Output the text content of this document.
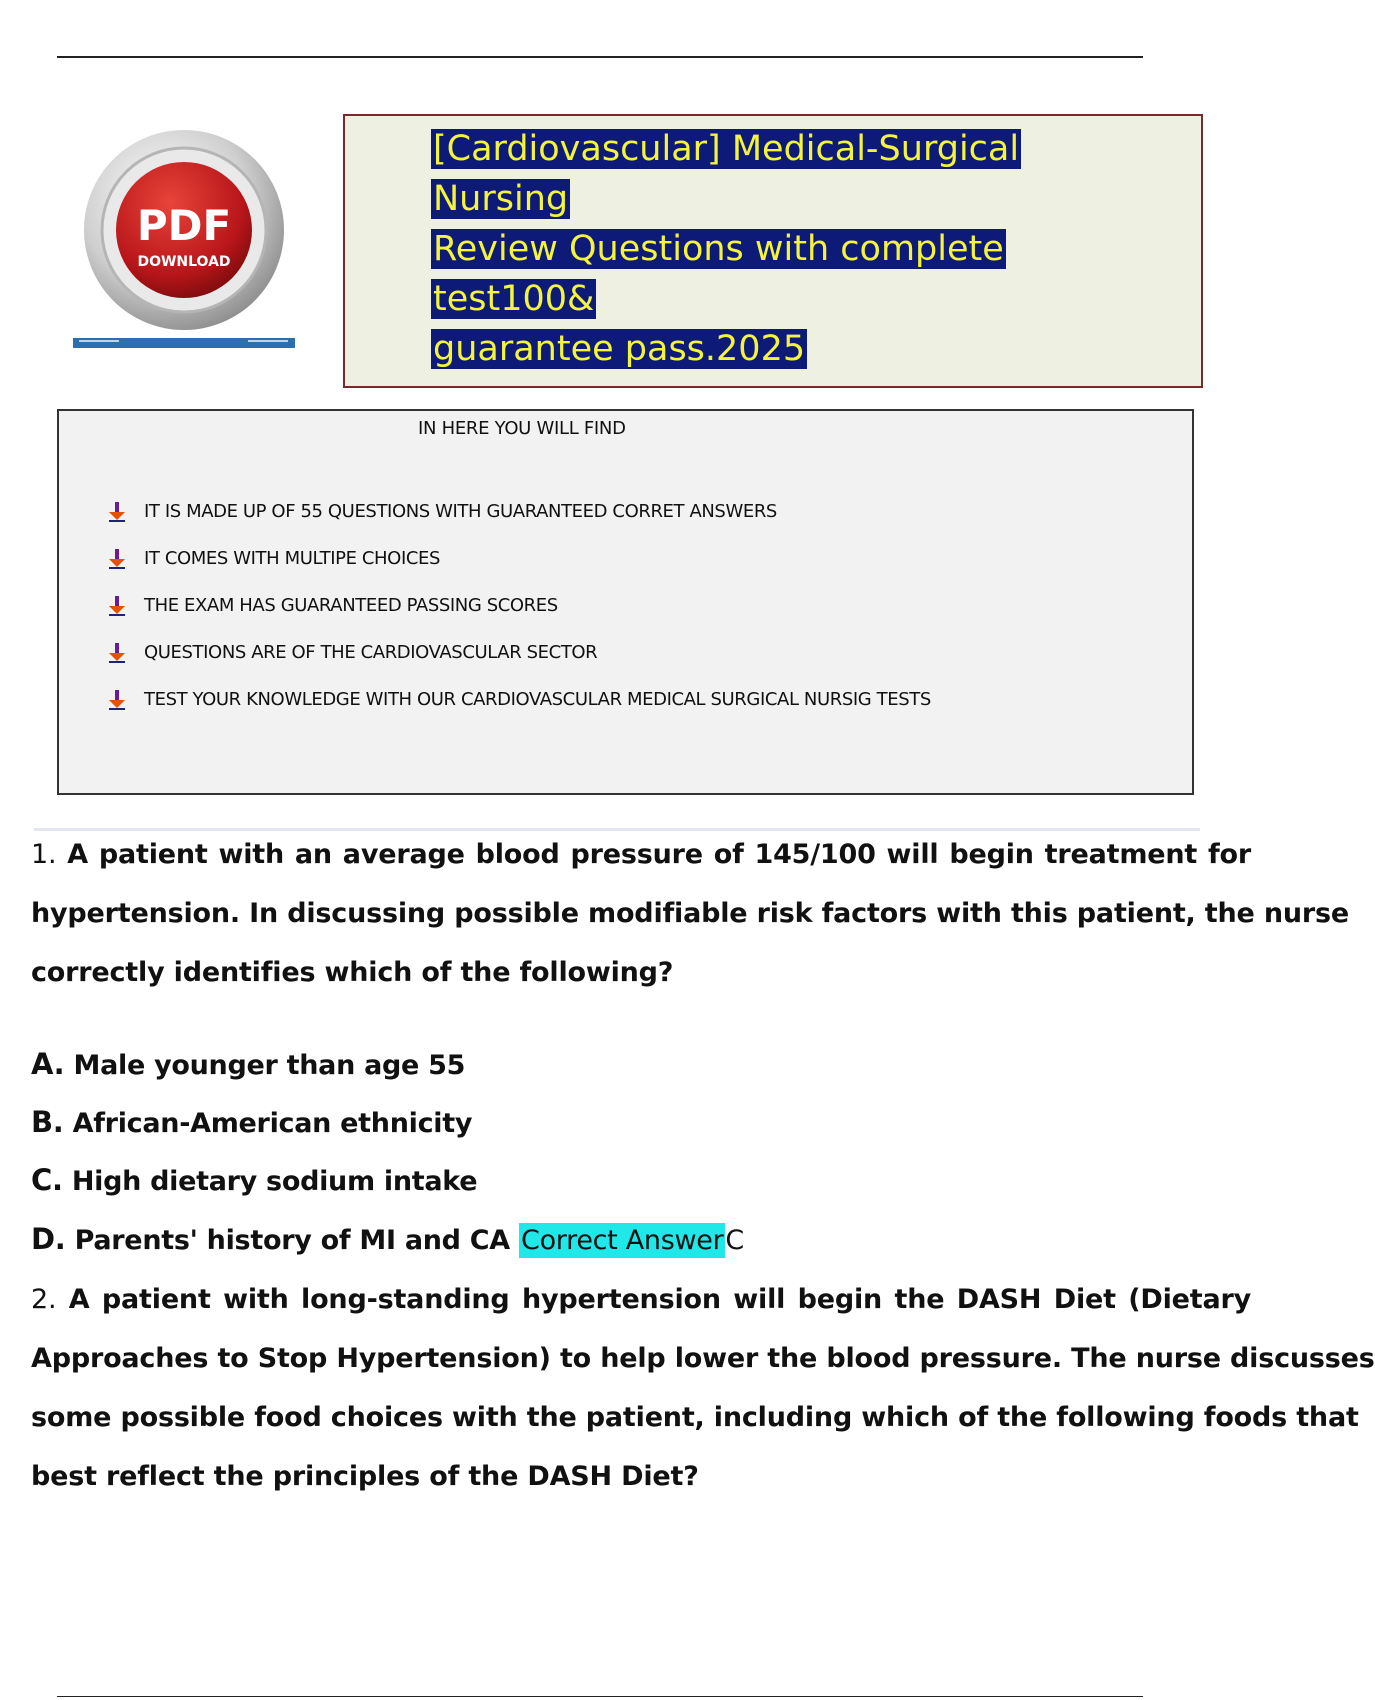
PDF
DOWNLOAD
[Cardiovascular] Medical-Surgical Nursing
Review Questions with complete test100&
guarantee pass.2025
IN HERE YOU WILL FIND
IT IS MADE UP OF 55 QUESTIONS WITH GUARANTEED CORRET ANSWERS
IT COMES WITH MULTIPE CHOICES
THE EXAM HAS GUARANTEED PASSING SCORES
QUESTIONS ARE OF THE CARDIOVASCULAR SECTOR
TEST YOUR KNOWLEDGE WITH OUR CARDIOVASCULAR MEDICAL SURGICAL NURSIG TESTS
1. A patient with an average blood pressure of 145/100 will begin treatment for
hypertension. In discussing possible modifiable risk factors with this patient, the nurse
correctly identifies which of the following?
A. Male younger than age 55
B. African-American ethnicity
C. High dietary sodium intake
D. Parents' history of MI and CA Correct AnswerC
2. A patient with long-standing hypertension will begin the DASH Diet (Dietary
Approaches to Stop Hypertension) to help lower the blood pressure. The nurse discusses
some possible food choices with the patient, including which of the following foods that
best reflect the principles of the DASH Diet?
